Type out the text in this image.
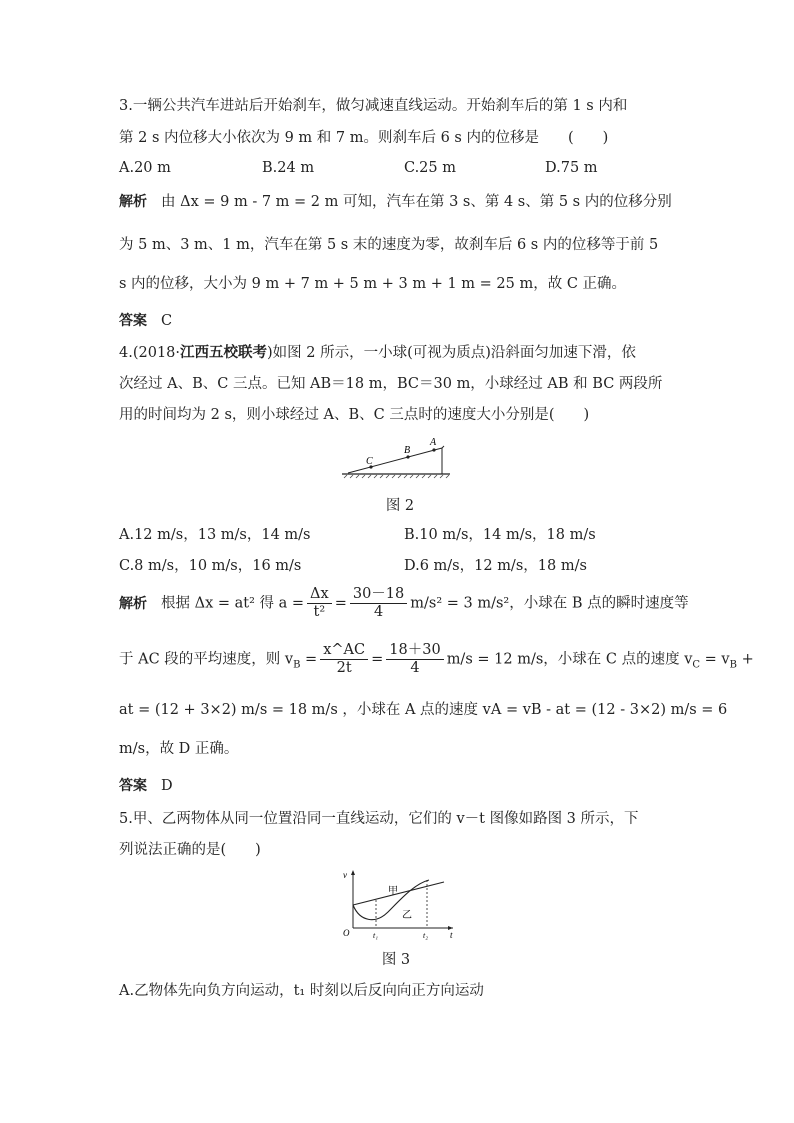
3.一辆公共汽车进站后开始刹车，做匀减速直线运动。开始刹车后的第 1 s 内和
第 2 s 内位移大小依次为 9 m 和 7 m。则刹车后 6 s 内的位移是　　(　　)
A.20 m	B.24 m	C.25 m	D.75 m
解析 由 Δx = 9 m - 7 m = 2 m 可知，汽车在第 3 s、第 4 s、第 5 s 内的位移分别
为 5 m、3 m、1 m，汽车在第 5 s 末的速度为零，故刹车后 6 s 内的位移等于前 5
s 内的位移，大小为 9 m + 7 m + 5 m + 3 m + 1 m = 25 m，故 C 正确。
答案 C
4.(2018·江西五校联考)如图 2 所示，一小球(可视为质点)沿斜面匀加速下滑，依
次经过 A、B、C 三点。已知 AB＝18 m，BC＝30 m，小球经过 AB 和 BC 两段所
用的时间均为 2 s，则小球经过 A、B、C 三点时的速度大小分别是(　　)
A
B
C
图 2
A.12 m/s，13 m/s，14 m/s	B.10 m/s，14 m/s，18 m/s
C.8 m/s，10 m/s，16 m/s	D.6 m/s，12 m/s，18 m/s
解析 根据 Δx = at² 得 $a = \frac{\Delta x}{\text{t²}} = \frac{30-18}{4} m/s^2 = 3$ m/s²，小球在 B 点的瞬时速度等
于 AC 段的平均速度，则 $v_B = \frac{x\^{}AC}{2t} = \frac{18+30}{4} m/s = 12$ m/s，小球在 C 点的速度 $v_C = v_B$ +
at = (12 + 3×2) m/s = 18 m/s ，小球在 A 点的速度 vA = vB - at = (12 - 3×2) m/s = 6
m/s，故 D 正确。
答案 D
5.甲、乙两物体从同一位置沿同一直线运动，它们的 v－t 图像如路图 3 所示，下
列说法正确的是(　　)
v
t
O	t₁	t₂
甲
乙
图 3
A.乙物体先向负方向运动，t₁ 时刻以后反向向正方向运动
